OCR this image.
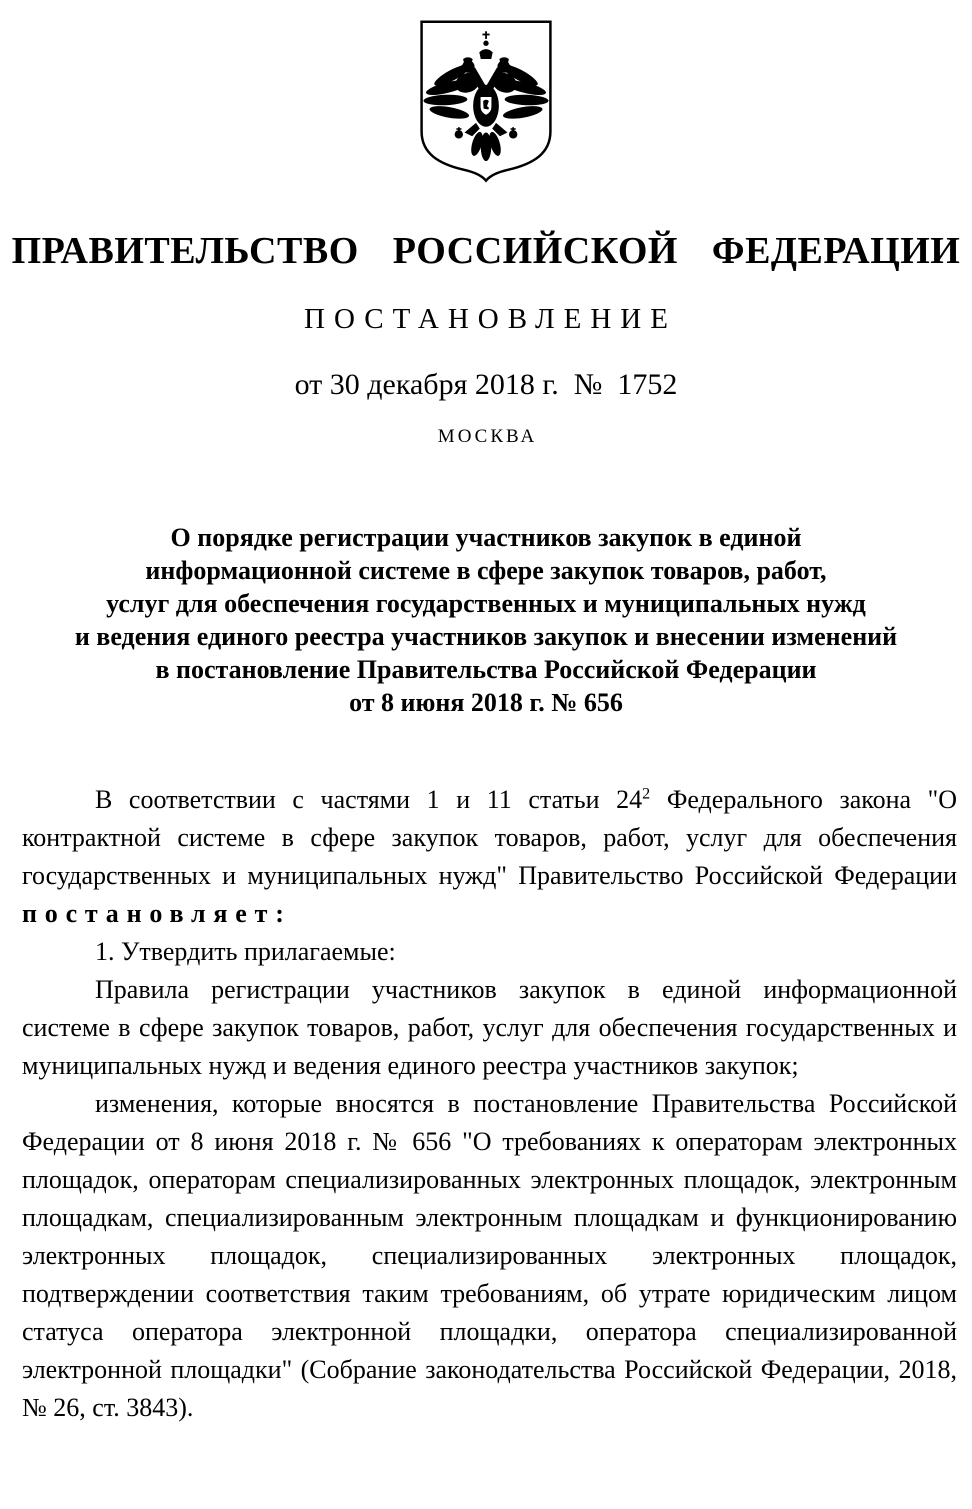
ПРАВИТЕЛЬСТВО РОССИЙСКОЙ ФЕДЕРАЦИИ
ПОСТАНОВЛЕНИЕ
от 30 декабря 2018 г.  №  1752
МОСКВА
О порядке регистрации участников закупок в единой
информационной системе в сфере закупок товаров, работ,
услуг для обеспечения государственных и муниципальных нужд
и ведения единого реестра участников закупок и внесении изменений
в постановление Правительства Российской Федерации
от 8 июня 2018 г. № 656

В соответствии с частями 1 и 11 статьи 24$^2$ Федерального закона "О контрактной системе в сфере закупок товаров, работ, услуг для обеспечения государственных и муниципальных нужд" Правительство Российской Федерации постановляет:

1. Утвердить прилагаемые:

Правила регистрации участников закупок в единой информационной системе в сфере закупок товаров, работ, услуг для обеспечения государственных и муниципальных нужд и ведения единого реестра участников закупок;

изменения, которые вносятся в постановление Правительства Российской Федерации от 8 июня 2018 г. № 656 "О требованиях к операторам электронных площадок, операторам специализированных электронных площадок, электронным площадкам, специализированным электронным площадкам и функционированию электронных площадок, специализированных электронных площадок, подтверждении соответствия таким требованиям, об утрате юридическим лицом статуса оператора электронной площадки, оператора специализированной электронной площадки" (Собрание законодательства Российской Федерации, 2018, № 26, ст. 3843).
